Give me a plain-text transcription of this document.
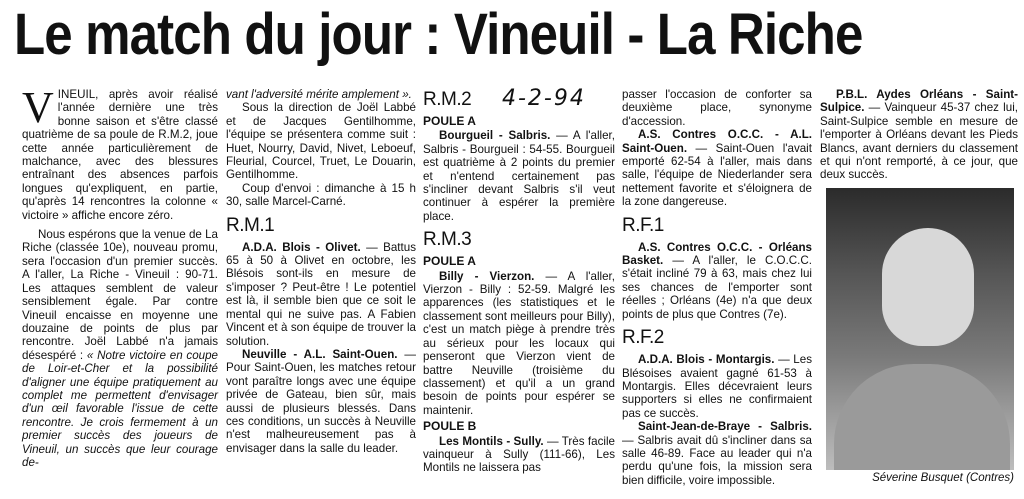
Le match du jour : Vineuil - La Riche
V INEUIL, après avoir réalisé l'année dernière une très bonne saison et s'être classé quatrième de sa poule de R.M.2, joue cette année particulièrement de malchance, avec des blessures entraînant des absences parfois longues qu'expliquent, en partie, qu'après 14 rencontres la colonne « victoire » affiche encore zéro.

Nous espérons que la venue de La Riche (classée 10e), nouveau promu, sera l'occasion d'un premier succès. A l'aller, La Riche - Vineuil : 90-71. Les attaques semblent de valeur sensiblement égale. Par contre Vineuil encaisse en moyenne une douzaine de points de plus par rencontre. Joël Labbé n'a jamais désespéré : « Notre victoire en coupe de Loir-et-Cher et la possibilité d'aligner une équipe pratiquement au complet me permettent d'envisager d'un œil favorable l'issue de cette rencontre. Je crois fermement à un premier succès des joueurs de Vineuil, un succès que leur courage de-

vant l'adversité mérite amplement ».

Sous la direction de Joël Labbé et de Jacques Gentilhomme, l'équipe se présentera comme suit : Huet, Nourry, David, Nivet, Leboeuf, Fleurial, Courcel, Truet, Le Douarin, Gentilhomme.

Coup d'envoi : dimanche à 15 h 30, salle Marcel-Carné.

R.M.1

A.D.A. Blois - Olivet. — Battus 65 à 50 à Olivet en octobre, les Blésois sont-ils en mesure de s'imposer ? Peut-être ! Le potentiel est là, il semble bien que ce soit le mental qui ne suive pas. A Fabien Vincent et à son équipe de trouver la solution.

Neuville - A.L. Saint-Ouen. — Pour Saint-Ouen, les matches retour vont paraître longs avec une équipe privée de Gateau, bien sûr, mais aussi de plusieurs blessés. Dans ces conditions, un succès à Neuville n'est malheureusement pas à envisager dans la salle du leader.

R.M.2 4-2-94
POULE A

Bourgueil - Salbris. — A l'aller, Salbris - Bourgueil : 54-55. Bourgueil est quatrième à 2 points du premier et n'entend certainement pas s'incliner devant Salbris s'il veut continuer à espérer la première place.

R.M.3
POULE A

Billy - Vierzon. — A l'aller, Vierzon - Billy : 52-59. Malgré les apparences (les statistiques et le classement sont meilleurs pour Billy), c'est un match piège à prendre très au sérieux pour les locaux qui penseront que Vierzon vient de battre Neuville (troisième du classement) et qu'il a un grand besoin de points pour espérer se maintenir.

POULE B

Les Montils - Sully. — Très facile vainqueur à Sully (111-66), Les Montils ne laissera pas

passer l'occasion de conforter sa deuxième place, synonyme d'accession.

A.S. Contres O.C.C. - A.L. Saint-Ouen. — Saint-Ouen l'avait emporté 62-54 à l'aller, mais dans salle, l'équipe de Niederlander sera nettement favorite et s'éloignera de la zone dangereuse.

R.F.1

A.S. Contres O.C.C. - Orléans Basket. — A l'aller, le C.O.C.C. s'était incliné 79 à 63, mais chez lui ses chances de l'emporter sont réelles ; Orléans (4e) n'a que deux points de plus que Contres (7e).

R.F.2

A.D.A. Blois - Montargis. — Les Blésoises avaient gagné 61-53 à Montargis. Elles décevraient leurs supporters si elles ne confirmaient pas ce succès.

Saint-Jean-de-Braye - Salbris. — Salbris avait dû s'incliner dans sa salle 46-89. Face au leader qui n'a perdu qu'une fois, la mission sera bien difficile, voire impossible.

P.B.L. Aydes Orléans - Saint-Sulpice. — Vainqueur 45-37 chez lui, Saint-Sulpice semble en mesure de l'emporter à Orléans devant les Pieds Blancs, avant derniers du classement et qui n'ont remporté, à ce jour, que deux succès.

Séverine Busquet (Contres)
